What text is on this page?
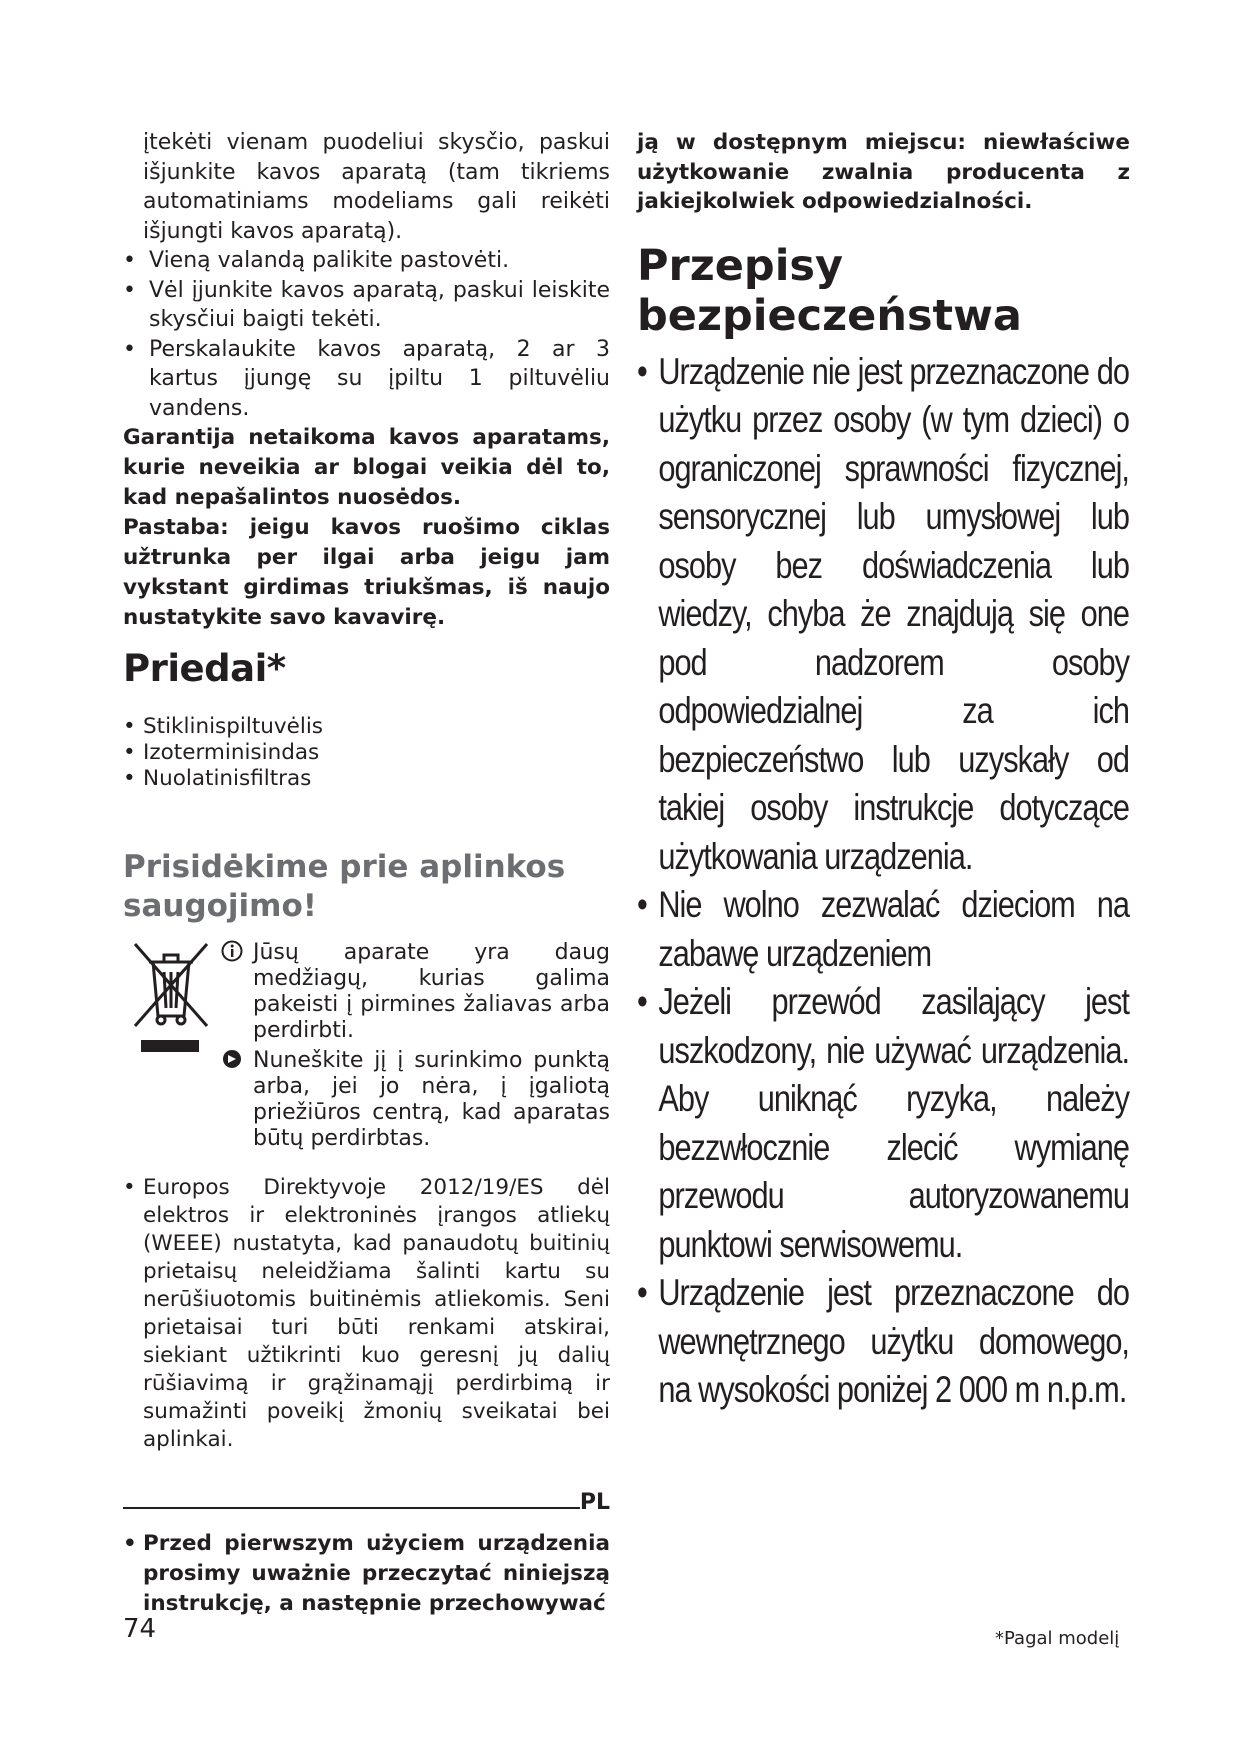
įtekėti vienam puodeliui skysčio, paskui išjunkite kavos aparatą (tam tikriems automatiniams modeliams gali reikėti išjungti kavos aparatą).

• Vieną valandą palikite pastovėti.
• Vėl įjunkite kavos aparatą, paskui leiskite skysčiui baigti tekėti.
• Perskalaukite kavos aparatą, 2 ar 3 kartus įjungę su įpiltu 1 piltuvėliu vandens.

Garantija netaikoma kavos aparatams, kurie neveikia ar blogai veikia dėl to, kad nepašalintos nuosėdos.

Pastaba: jeigu kavos ruošimo ciklas užtrunka per ilgai arba jeigu jam vykstant girdimas triukšmas, iš naujo nustatykite savo kavavirę.

Priedai*
• Stiklinispiltuvėlis
• Izoterminisindas
• Nuolatinisfiltras
Prisidėkime prie aplinkos saugojimo!
Jūsų aparate yra daug medžiagų, kurias galima pakeisti į pirmines žaliavas arba perdirbti.
Nuneškite jį į surinkimo punktą arba, jei jo nėra, į įgaliotą priežiūros centrą, kad aparatas būtų perdirbtas.
• Europos Direktyvoje 2012/19/ES dėl elektros ir elektroninės įrangos atliekų (WEEE) nustatyta, kad panaudotų buitinių prietaisų neleidžiama šalinti kartu su nerūšiuotomis buitinėmis atliekomis. Seni prietaisai turi būti renkami atskirai, siekiant užtikrinti kuo geresnį jų dalių rūšiavimą ir grąžinamąjį perdirbimą ir sumažinti poveikį žmonių sveikatai bei aplinkai.
PL
• Przed pierwszym użyciem urządzenia prosimy uważnie przeczytać niniejszą instrukcję, a następnie przechowywać

ją w dostępnym miejscu: niewłaściwe użytkowanie zwalnia producenta z jakiejkolwiek odpowiedzialności.

Przepisy bezpieczeństwa
• Urządzenie nie jest przeznaczone do użytku przez osoby (w tym dzieci) o ograniczonej sprawności fizycznej, sensorycznej lub umysłowej lub osoby bez doświadczenia lub wiedzy, chyba że znajdują się one pod nadzorem osoby odpowiedzialnej za ich bezpieczeństwo lub uzyskały od takiej osoby instrukcje dotyczące użytkowania urządzenia.
• Nie wolno zezwalać dzieciom na zabawę urządzeniem
• Jeżeli przewód zasilający jest uszkodzony, nie używać urządzenia. Aby uniknąć ryzyka, należy bezzwłocznie zlecić wymianę przewodu autoryzowanemu punktowi serwisowemu.
• Urządzenie jest przeznaczone do wewnętrznego użytku domowego, na wysokości poniżej 2 000 m n.p.m.
74	*Pagal modelį
